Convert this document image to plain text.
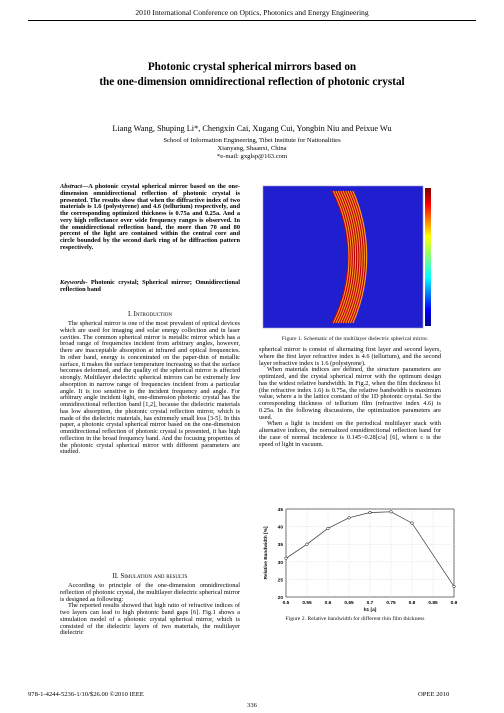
2010 International Conference on Optics, Photonics and Energy Engineering
Photonic crystal spherical mirrors based on
the one-dimension omnidirectional reflection of photonic crystal
Liang Wang, Shuping Li*, Chengxin Cai, Xugang Cui, Yongbin Niu and Peixue Wu
School of Information Engineering, Tibet Institute for Nationalities
Xianyang, Shaanxi, China
*e-mail: gxglsp@163.com

Abstract—A photonic crystal spherical mirror based on the one-dimension omnidirectional reflection of photonic crystal is presented. The results show that when the diffractive index of two materials is 1.6 (polystyrene) and 4.6 (tellurium) respectively, and the corresponding optimized thickness is 0.75a and 0.25a. And a very high reflectance over wide frequency ranges is observed. In the omnidirectional reflection band, the more than 70 and 80 percent of the light are contained within the central core and circle bounded by the second dark ring of he diffraction pattern respectively.

Keywords- Photonic crystal; Spherical mirror; Omnidirectional reflection band

I. Introduction

The spherical mirror is one of the most prevalent of optical devices which are used for imaging and solar energy collection and in laser cavities. The common spherical mirror is metallic mirror which has a broad range of frequencies incident from arbitrary angles, however, there are inacceptable absorption at infrared and optical frequencies. In other hand, energy is concentrated on the paper-thin of metallic surface, it makes the surface temperature increasing so that the surface becomes deformed, and the quality of the spherical mirror is affected strongly. Multilayer dielectric spherical mirrors can be extremely low absorption in narrow range of frequencies incident from a particular angle. It is too sensitive to the incident frequency and angle. For arbitrary angle incident light, one-dimension photonic crystal has the omnidirectional reflection band [1,2], because the dielectric materials has low absorption, the photonic crystal reflection mirror, which is made of the dielectric materials, has extremely small loss [3-5]. In this paper, a photonic crystal spherical mirror based on the one-dimension omnidirectional reflection of photonic crystal is presented, it has high reflection in the broad frequency band. And the focusing properties of the photonic crystal spherical mirror with different parameters are studied.

II. Simulation and results

According to principle of the one-dimension omnidirectional reflection of photonic crystal, the multilayer dielectric spherical mirror is designed as following:

The reported results showed that high ratio of refractive indices of two layers can lead to high photonic band gaps [6]. Fig.1 shows a simulation model of a photonic crystal spherical mirror, which is consisted of the dielectric layers of two materials, the multilayer dielectric

Figure 1. Schematic of the multilayer dielectric spherical mirror.

spherical mirror is consist of alternating first layer and second layers, where the first layer refractive index is 4.6 (tellurium), and the second layer refractive index is 1.6 (polystyrene).

When materials indices are defined, the structure parameters are optimized, and the crystal spherical mirror with the optimum design has the widest relative bandwidth. In Fig.2, when the film thickness h1 (the refractive index 1.6) is 0.75a, the relative bandwidth is maximum value, where a is the lattice constant of the 1D photonic crystal. So the corresponding thickness of tellurium film (refractive index 4.6) is 0.25a. In the following discussions, the optimization parameters are used.

When a light is incident on the periodical multilayer stack with alternative indices, the normalized omnidirectional reflection band for the case of normal incidence is 0.145~0.28[c/a] [6], where c is the speed of light in vacuum.

20
25
30
35
40
45
0.5	0.55	0.6	0.65	0.7	0.75	0.8	0.85	0.9
h1 [a]
Relative Bandwidth [%]
Figure 2. Relative bandwidth for different thin film thickness
978-1-4244-5236-1/10/$26.00 ©2010 IEEE	OPEE 2010
336
